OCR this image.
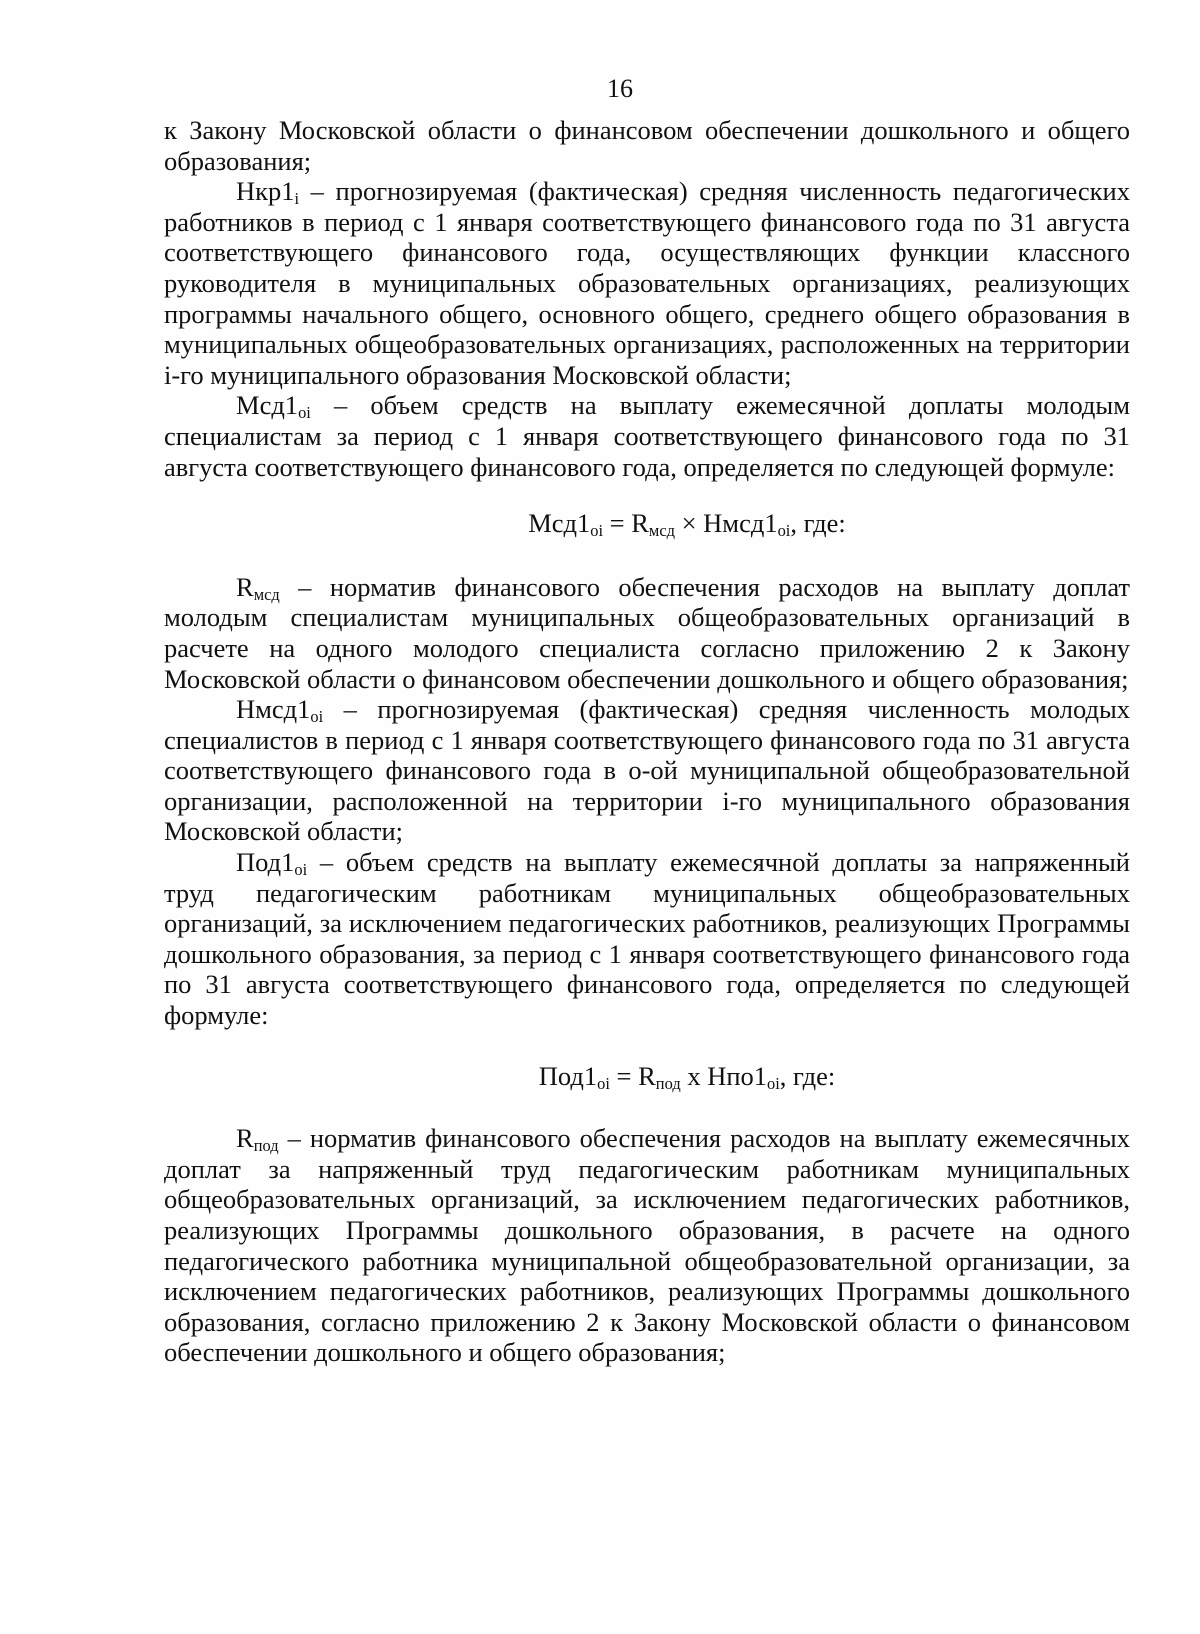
16

к Закону Московской области о финансовом обеспечении дошкольного и общего образования;

$Нкр1_i$ – прогнозируемая (фактическая) средняя численность педагогических работников в период с 1 января соответствующего финансового года по 31 августа соответствующего финансового года, осуществляющих функции классного руководителя в муниципальных образовательных организациях, реализующих программы начального общего, основного общего, среднего общего образования в муниципальных общеобразовательных организациях, расположенных на территории i-го муниципального образования Московской области;

$Мсд1_{oi}$ – объем средств на выплату ежемесячной доплаты молодым специалистам за период с 1 января соответствующего финансового года по 31 августа соответствующего финансового года, определяется по следующей формуле:

$Мсд1_{oi} = R_{мсд}$ × $Нмсд1_{oi}$, где:

$R_{мсд}$ – норматив финансового обеспечения расходов на выплату доплат молодым специалистам муниципальных общеобразовательных организаций в расчете на одного молодого специалиста согласно приложению 2 к Закону Московской области о финансовом обеспечении дошкольного и общего образования;

$Нмсд1_{oi}$ – прогнозируемая (фактическая) средняя численность молодых специалистов в период с 1 января соответствующего финансового года по 31 августа соответствующего финансового года в о-ой муниципальной общеобразовательной организации, расположенной на территории i-го муниципального образования Московской области;

$Под1_{oi}$ – объем средств на выплату ежемесячной доплаты за напряженный труд педагогическим работникам муниципальных общеобразовательных организаций, за исключением педагогических работников, реализующих Программы дошкольного образования, за период с 1 января соответствующего финансового года по 31 августа соответствующего финансового года, определяется по следующей формуле:

$Под1_{oi} = R_{под}$ x $Нпо1_{oi}$, где:

$R_{под}$ – норматив финансового обеспечения расходов на выплату ежемесячных доплат за напряженный труд педагогическим работникам муниципальных общеобразовательных организаций, за исключением педагогических работников, реализующих Программы дошкольного образования, в расчете на одного педагогического работника муниципальной общеобразовательной организации, за исключением педагогических работников, реализующих Программы дошкольного образования, согласно приложению 2 к Закону Московской области о финансовом обеспечении дошкольного и общего образования;
